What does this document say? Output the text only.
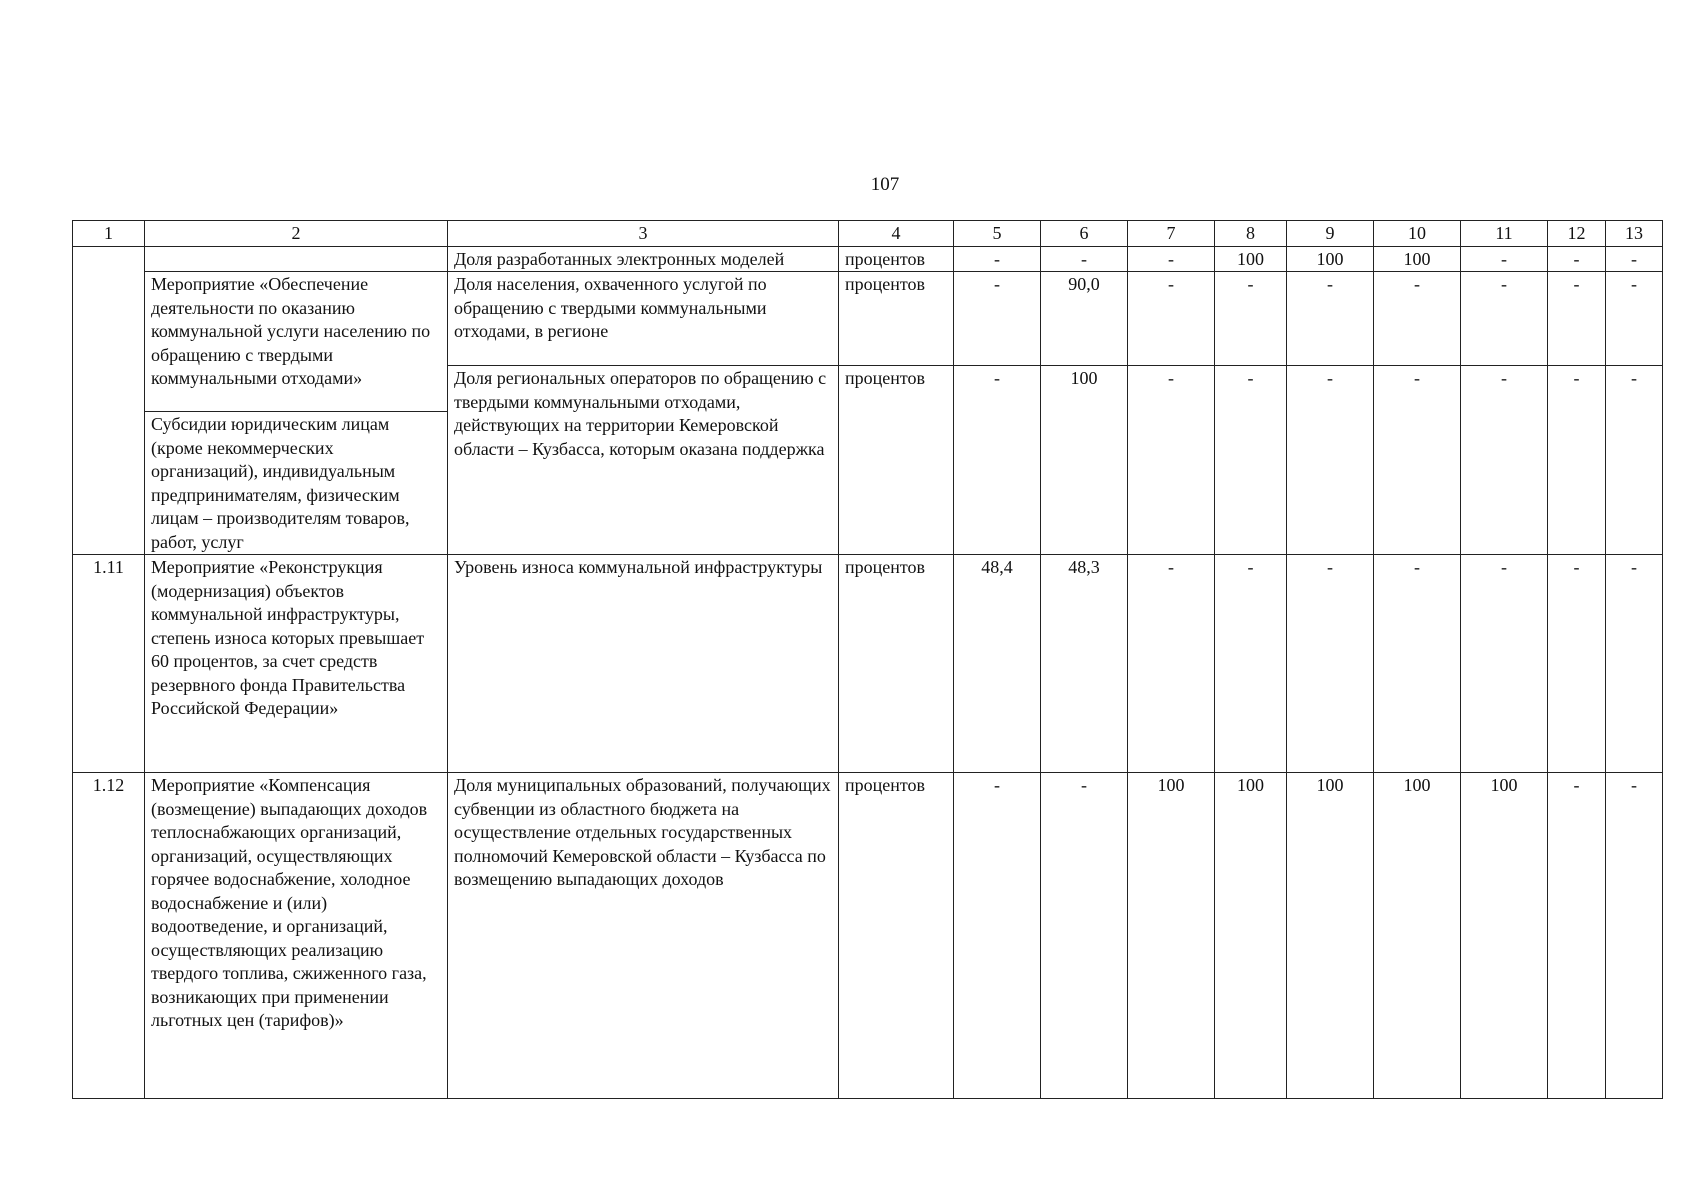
107
1	2	3	4	5	6	7	8	9	10	11	12	13
		Доля разработанных электронных моделей	процентов	-	-	-	100	100	100	-	-	-
	Мероприятие «Обеспечение деятельности по оказанию коммунальной услуги населению по обращению с твердыми коммунальными отходами»	Доля населения, охваченного услугой по обращению с твердыми коммунальными отходами, в регионе	процентов	-	90,0	-	-	-	-	-	-	-
		Доля региональных операторов по обращению с твердыми коммунальными отходами, действующих на территории Кемеровской области – Кузбасса, которым оказана поддержка	процентов	-	100	-	-	-	-	-	-	-
	Субсидии юридическим лицам (кроме некоммерческих организаций), индивидуальным предпринимателям, физическим лицам – производителям товаров, работ, услуг											
1.11	Мероприятие «Реконструкция (модернизация) объектов коммунальной инфраструктуры, степень износа которых превышает 60 процентов, за счет средств резервного фонда Правительства Российской Федерации»	Уровень износа коммунальной инфраструктуры	процентов	48,4	48,3	-	-	-	-	-	-	-
1.12	Мероприятие «Компенсация (возмещение) выпадающих доходов теплоснабжающих организаций, организаций, осуществляющих горячее водоснабжение, холодное водоснабжение и (или) водоотведение, и организаций, осуществляющих реализацию твердого топлива, сжиженного газа, возникающих при применении льготных цен (тарифов)»	Доля муниципальных образований, получающих субвенции из областного бюджета на осуществление отдельных государственных полномочий Кемеровской области – Кузбасса по возмещению выпадающих доходов	процентов	-	-	100	100	100	100	100	-	-
